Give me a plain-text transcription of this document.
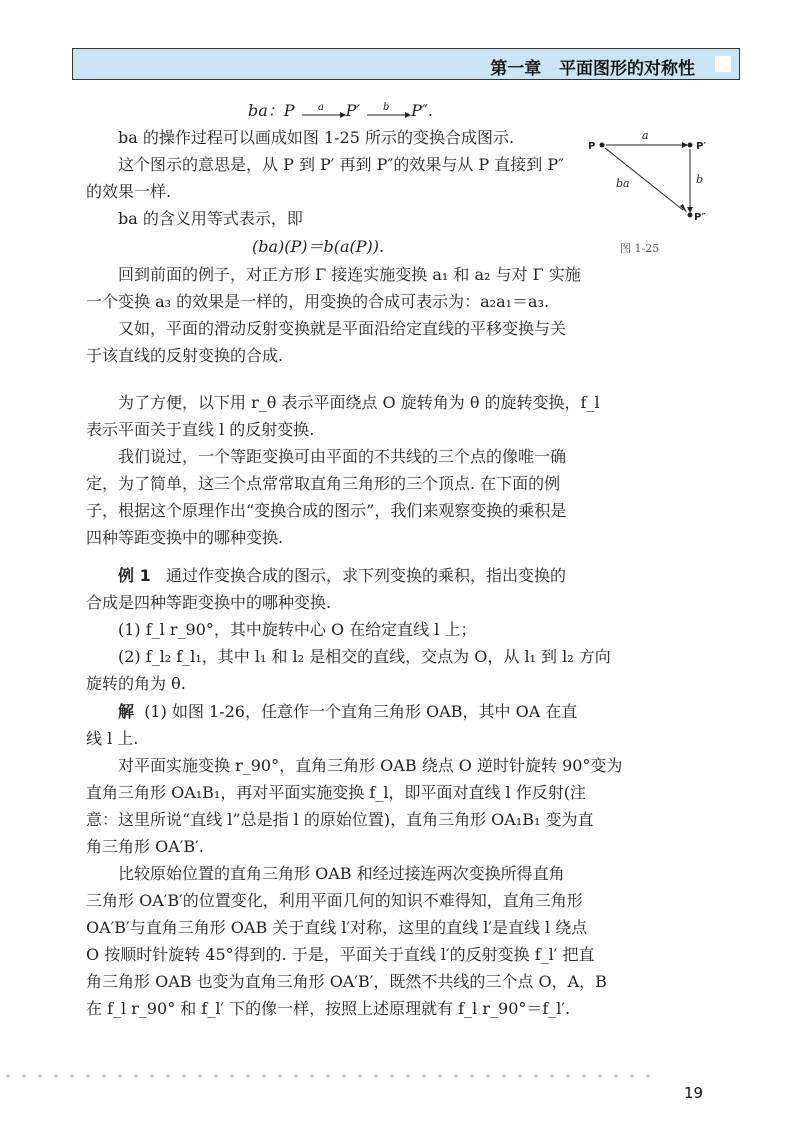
第一章 平面图形的对称性
ba：P a P′ b P″.
ba 的操作过程可以画成如图 1-25 所示的变换合成图示.
这个图示的意思是，从 P 到 P′ 再到 P″的效果与从 P 直接到 P″
的效果一样.
ba 的含义用等式表示，即
(ba)(P)＝b(a(P)).
回到前面的例子，对正方形 Γ 接连实施变换 a₁ 和 a₂ 与对 Γ 实施
一个变换 a₃ 的效果是一样的，用变换的合成可表示为：a₂a₁＝a₃.
又如，平面的滑动反射变换就是平面沿给定直线的平移变换与关
于该直线的反射变换的合成.
P	P′
P″
a
b
ba
图 1-25
为了方便，以下用 r_θ 表示平面绕点 O 旋转角为 θ 的旋转变换，f_l
表示平面关于直线 l 的反射变换.
我们说过，一个等距变换可由平面的不共线的三个点的像唯一确
定，为了简单，这三个点常常取直角三角形的三个顶点. 在下面的例
子，根据这个原理作出“变换合成的图示”，我们来观察变换的乘积是
四种等距变换中的哪种变换.
例 1 通过作变换合成的图示，求下列变换的乘积，指出变换的
合成是四种等距变换中的哪种变换.
(1) f_l r_90°，其中旋转中心 O 在给定直线 l 上；
(2) f_l₂ f_l₁，其中 l₁ 和 l₂ 是相交的直线，交点为 O，从 l₁ 到 l₂ 方向
旋转的角为 θ.
解 (1) 如图 1-26，任意作一个直角三角形 OAB，其中 OA 在直
线 l 上.
对平面实施变换 r_90°，直角三角形 OAB 绕点 O 逆时针旋转 90°变为
直角三角形 OA₁B₁，再对平面实施变换 f_l，即平面对直线 l 作反射(注
意：这里所说“直线 l”总是指 l 的原始位置)，直角三角形 OA₁B₁ 变为直
角三角形 OA′B′.
比较原始位置的直角三角形 OAB 和经过接连两次变换所得直角
三角形 OA′B′的位置变化，利用平面几何的知识不难得知，直角三角形
OA′B′与直角三角形 OAB 关于直线 l′对称，这里的直线 l′是直线 l 绕点
O 按顺时针旋转 45°得到的. 于是，平面关于直线 l′的反射变换 f_l′ 把直
角三角形 OAB 也变为直角三角形 OA′B′，既然不共线的三个点 O，A，B
在 f_l r_90° 和 f_l′ 下的像一样，按照上述原理就有 f_l r_90°＝f_l′.
19
